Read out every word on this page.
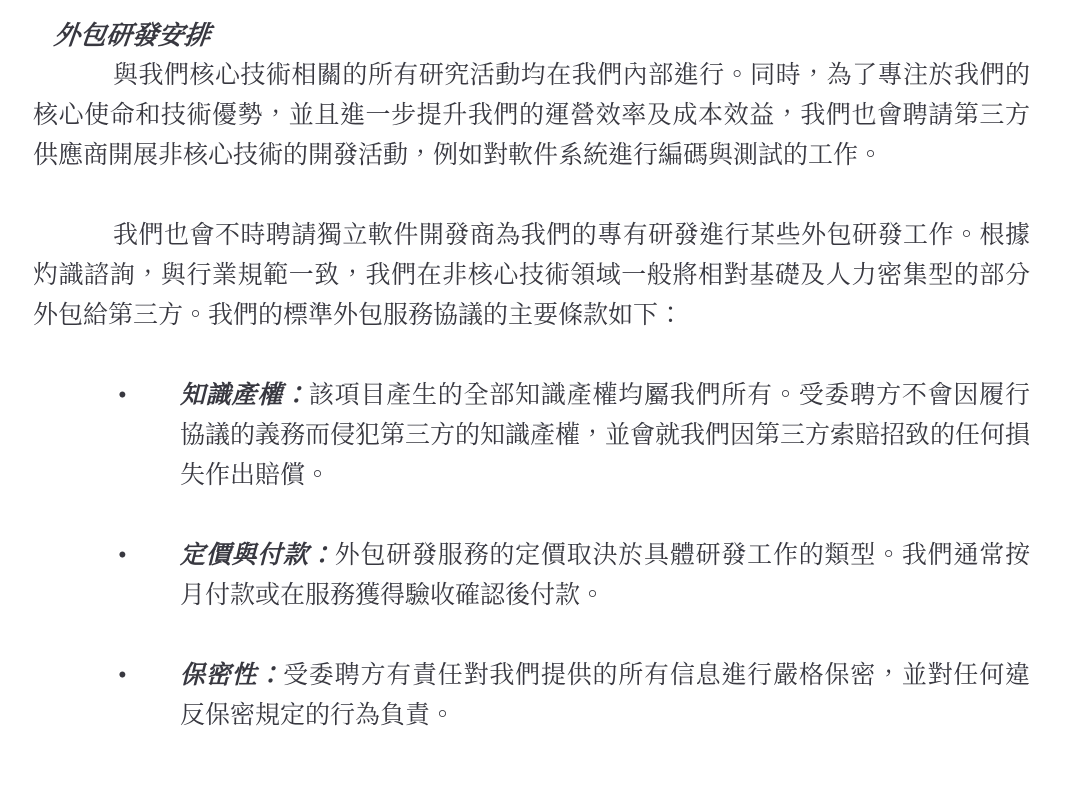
外包研發安排

與我們核心技術相關的所有研究活動均在我們內部進行。同時，為了專注於我們的核心使命和技術優勢，並且進一步提升我們的運營效率及成本效益，我們也會聘請第三方供應商開展非核心技術的開發活動，例如對軟件系統進行編碼與測試的工作。

我們也會不時聘請獨立軟件開發商為我們的專有研發進行某些外包研發工作。根據灼識諮詢，與行業規範一致，我們在非核心技術領域一般將相對基礎及人力密集型的部分外包給第三方。我們的標準外包服務協議的主要條款如下：

• 知識產權：該項目產生的全部知識產權均屬我們所有。受委聘方不會因履行協議的義務而侵犯第三方的知識產權，並會就我們因第三方索賠招致的任何損失作出賠償。
• 定價與付款：外包研發服務的定價取決於具體研發工作的類型。我們通常按月付款或在服務獲得驗收確認後付款。
• 保密性：受委聘方有責任對我們提供的所有信息進行嚴格保密，並對任何違反保密規定的行為負責。
